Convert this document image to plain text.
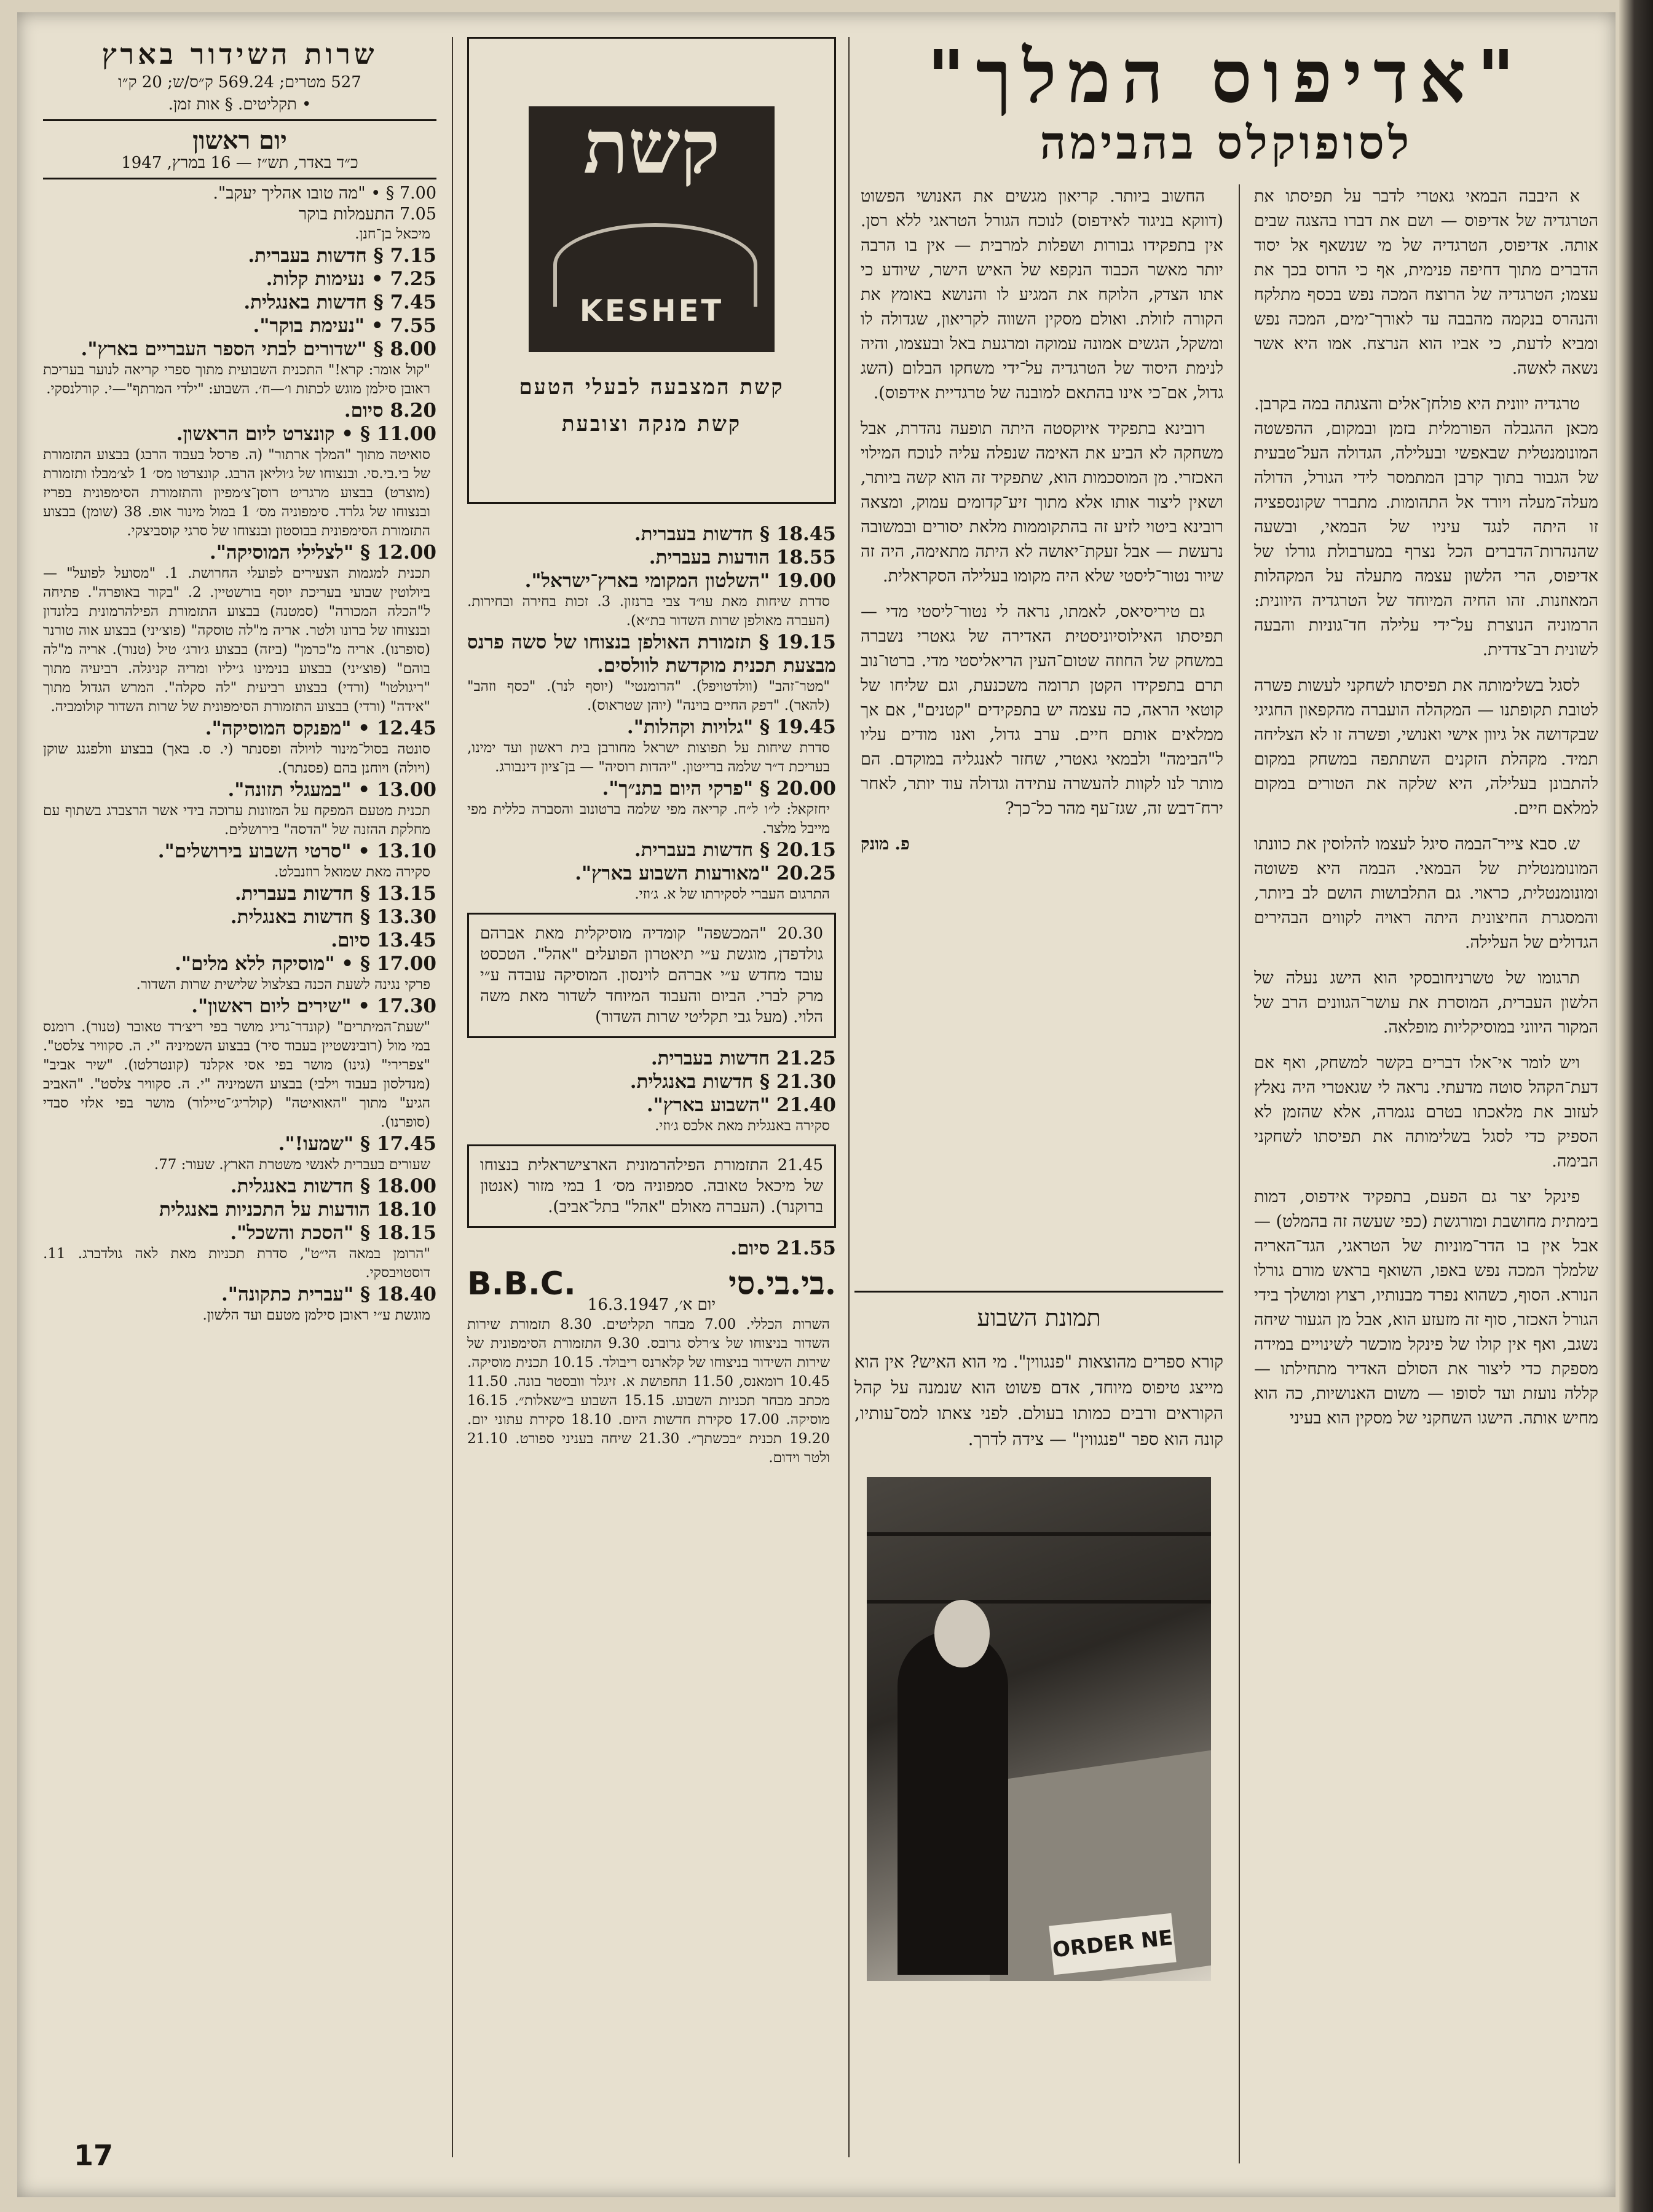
שרות השידור בארץ
527 מטרים; 569.24 ק״ס/ש; 20 ק״ו
• תקליטים. § אות זמן.
יום ראשון
כ״ד באדר, תש״ז — 16 במרץ, 1947

7.00 § • "מה טובו אהליך יעקב".

7.05 התעמלות בוקר

מיכאל בן־חנן.

7.15 § חדשות בעברית.

7.25 • נעימות קלות.

7.45 § חדשות באנגלית.

7.55 • "נעימת בוקר".

8.00 § "שדורים לבתי הספר העבריים בארץ".

"קול אומר: קרא!" התכנית השבועית מתוך ספרי קריאה לנוער בעריכת ראובן סילמן מוגש לכתות ו׳—ח׳. השבוע: "ילדי המרתף"—י. קורלנסקי.

8.20 סיום.

11.00 § • קונצרט ליום הראשון.

סואיטה מתוך "המלך ארתור" (ה. פרסל בעבוד הרבג) בבצוע התזמורת של בי.בי.סי. ובנצוחו של ג׳וליאן הרבג. קונצרטו מס׳ 1 לצ׳מבלו ותזמורת (מוצרט) בבצוע מרגריט רוסן־צ׳מפיון והתזמורת הסימפונית בפריז ובנצוחו של גלרד. סימפוניה מס׳ 1 במול מינור אופ. 38 (שומן) בבצוע התזמורת הסימפונית בבוסטון ובנצוחו של סרגי קוסביצקי.

12.00 § "לצלילי המוסיקה".

תכנית למגמות הצעירים לפועלי החרושת. 1. "מסועל לפועל" — ביולוטין שבועי בעריכת יוסף בורשטיין. 2. "בקור באופרה". פתיחה ל"הכלה המכורה" (סמטנה) בבצוע התזמורת הפילהרמונית בלונדון ובנצוחו של ברונו ולטר. אריה מ"לה טוסקה" (פוצ׳יני) בבצוע אוה טורנר (סופרנו). אריה מ"כרמן" (ביזה) בבצוע ג׳ורג׳ טיל (טנור). אריה מ"לה בוהם" (פוצ׳יני) בבצוע בנימינו ג׳יליו ומריה קניגלה. רביעיה מתוך "ריגולטו" (ורדי) בבצוע רביעית "לה סקלה". המרש הגדול מתוך "אידה" (ורדי) בבצוע התזמורת הסימפונית של שרות השדור קולומביה.

12.45 • "מפנקס המוסיקה".

סונטה בסול־מינור לויולה ופסנתר (י. ס. באך) בבצוע וולפגנג שוקן (ויולה) ויוחנן בהם (פסנתר).

13.00 • "במעגלי תזונה".

תכנית מטעם המפקח על המזונות ערוכה בידי אשר הרצברג בשתוף עם מחלקת ההזנה של "הדסה" בירושלים.

13.10 • "סרטי השבוע בירושלים".

סקירה מאת שמואל רוזנבלט.

13.15 § חדשות בעברית.

13.30 § חדשות באנגלית.

13.45 סיום.

17.00 § • "מוסיקה ללא מלים".

פרקי נגינה לשעת הכנה בצלצול שלישית שרות השדור.

17.30 • "שירים ליום ראשון".

"שעת־המיתרים" (קונדר־גריג מושר בפי ריצ׳רד טאובר (טנור). רומנס במי מול (רובינשטיין בעבוד סיר) בבצוע השמיניה "י. ה. סקוויר צלסט". "צפרירי" (גינו) מושר בפי אסי אקלנד (קונטרלטו). "שיר אביב" (מנדלסון בעבוד וילבי) בבצוע השמיניה "י. ה. סקוויר צלסט". "האביב הגיע" מתוך "האואיטה" (קולריג׳־טיילור) מושר בפי אלזי סבדי (סופרנו).

17.45 § "שמעו!".

שעורים בעברית לאנשי משטרת הארץ. שעור: 77.

18.00 § חדשות באנגלית.

18.10 הודעות על התכניות באנגלית

18.15 § "הסכת והשכל".

"הרומן במאה הי״ט", סדרת תכניות מאת לאה גולדברג. 11. דוסטויבסקי.

18.40 § "עברית כתקונה".

מוגשת ע״י ראובן סילמן מטעם ועד הלשון.

קשת
KESHET
קשת המצבעה לבעלי הטעם
קשת מנקה וצובעת

18.45 § חדשות בעברית.

18.55 הודעות בעברית.

19.00 "השלטון המקומי בארץ־ישראל".

סדרת שיחות מאת עו״ד צבי ברנזון. 3. זכות בחירה ובחירות. (העברה מאולפן שרות השדור בת״א).

19.15 § תזמורת האולפן בנצוחו של סשה פרנס מבצעת תכנית מוקדשת לוולסים.

"מטר־זהב" (וולדטויפל). "הרומנטי" (יוסף לנר). "כסף וזהב" (להאר). "דפק החיים בוינה" (יוהן שטראוס).

19.45 § "גלויות וקהלות".

סדרת שיחות על תפוצות ישראל מחורבן בית ראשון ועד ימינו, בעריכת ד״ר שלמה ברייטון. "יהדות רוסיה" — בן־ציון דינבורג.

20.00 § "פרקי היום בתנ״ך".

יחזקאל: ל״ו ל״ח. קריאה מפי שלמה ברטונוב והסברה כללית מפי מייבל מלצר.

20.15 § חדשות בעברית.

20.25 "מאורעות השבוע בארץ".

התרגום העברי לסקירתו של א. ג׳וזי.

20.30 "המכשפה" קומדיה מוסיקלית מאת אברהם גולדפדן, מוגשת ע״י תיאטרון הפועלים "אהל". הטכסט עובד מחדש ע״י אברהם לוינסון. המוסיקה עובדה ע״י מרק לברי. הביום והעבוד המיוחד לשדור מאת משה הלוי. (מעל גבי תקליטי שרות השדור)

21.25 חדשות בעברית.

21.30 § חדשות באנגלית.

21.40 "השבוע בארץ".

סקירה באנגלית מאת אלכס ג׳וזי.

21.45 התזמורת הפילהרמונית הארצישראלית בנצוחו של מיכאל טאובה. סמפוניה מס׳ 1 במי מזור (אנטון ברוקנר). (העברה מאולם "אהל" בתל־אביב).

21.55 סיום.

B.B.C.	בי.בי.סי.
יום א׳, 16.3.1947

השרות הכללי. 7.00 מבחר תקליטים. 8.30 תזמורת שירות השדור בניצוחו של צ׳רלס גרובס. 9.30 התזמורת הסימפונית של שירות השידור בניצוחו של קלארנס ריבולד. 10.15 תכנית מוסיקה. 10.45 רומאנס, 11.50 תחפושת א. זיגלר וובסטר בונה. 11.50 מכתב מבחר תכניות השבוע. 15.15 השבוע ב״שאלות״. 16.15 מוסיקה. 17.00 סקירת חדשות היום. 18.10 סקירת עתוני יום. 19.20 תכנית ״בכשתך״. 21.30 שיחה בעניני ספורט. 21.10 ולטר וידום.

"אדיפוס המלך"
לסופוקלס בהבימה

א היבבה הבמאי גאטרי לדבר על תפיסתו את הטרגדיה של אדיפוס — ושם את דברו בהצגה שבים אותה. אדיפוס, הטרגדיה של מי שנשאף אל יסוד הדברים מתוך דחיפה פנימית, אף כי הרוס בכך את עצמו; הטרגדיה של הרוצח המכה נפש בכסף מתלקח והנהרס בנקמה מהבבה עד לאורך־ימים, המכה נפש ומביא לדעת, כי אביו הוא הנרצח. אמו היא אשר נשאה לאשה.

טרגדיה יוונית היא פולחן־אלים והצגתה במה בקרבן. מכאן ההגבלה הפורמלית בזמן ובמקום, ההפשטה המונומנטלית שבאפשי ובעלילה, הגדולה העל־טבעית של הגבור בתוך קרבן המתמסר לידי הגורל, הדולה מעלה־מעלה ויורד אל התהומות. מתברר שקונספציה זו היתה לנגד עיניו של הבמאי, ובשעה שהנהרות־הדברים הכל נצרף במערבולת גורלו של אדיפוס, הרי הלשון עצמה מתעלה על המקהלות המאוזנות. זהו החיה המיוחד של הטרגדיה היוונית: הרמוניה הנוצרת על־ידי עלילה חד־גוניות והבעה לשונית רב־צדדית.

לסגל בשלימותה את תפיסתו לשחקני לעשות פשרה לטובת תקופתנו — המקהלה הועברה מהקפאון החגיגי שבקדושה אל גיוון אישי ואנושי, ופשרה זו לא הצליחה תמיד. מקהלת הזקנים השתתפה במשחק במקום להתבונן בעלילה, היא שלקה את הטורים במקום למלאם חיים.

ש. סבא צייר־הבמה סיגל לעצמו להלוסין את כוונתו המונומנטלית של הבמאי. הבמה היא פשוטה ומונומנטלית, כראוי. גם התלבושות הושם לב ביותר, והמסגרת החיצונית היתה ראויה לקווים הבהירים הגדולים של העלילה.

תרגומו של טשרניחובסקי הוא הישג נעלה של הלשון העברית, המוסרת את עושר־הגוונים הרב של המקור היווני במוסיקליות מופלאה.

ויש לומר אי־אלו דברים בקשר למשחק, ואף אם דעת־הקהל סוטה מדעתי. נראה לי שגאטרי היה נאלץ לעזוב את מלאכתו בטרם נגמרה, אלא שהזמן לא הספיק כדי לסגל בשלימותה את תפיסתו לשחקני הבימה.

פינקל יצר גם הפעם, בתפקיד אידפוס, דמות בימתית מחושבת ומורגשת (כפי שעשה זה בהמלט) — אבל אין בו הדר־מוניות של הטראגי, הגד־האריה שלמלך המכה נפש באפו, השואף בראש מורם גורלו הנורא. הסוף, כשהוא נפרד מבנותיו, רצוץ ומושלך בידי הגורל האכזר, סוף זה מזעזע הוא, אבל מן הגעור שיחה נשגב, ואף אין קולו של פינקל מוכשר לשינויים במידה מספקת כדי ליצור את הסולם האדיר מתחילתו — קללה נועזת ועד לסופו — משום האנושיות, כה הוא מחיש אותה. הישגו השחקני של מסקין הוא בעיני

החשוב ביותר. קריאון מגשים את האנושי הפשוט (דווקא בניגוד לאידפוס) לנוכח הגורל הטראגי ללא רסן. אין בתפקידו גבורות ושפלות למרבית — אין בו הרבה יותר מאשר הכבוד הנקפא של האיש הישר, שיודע כי אתו הצדק, הלוקח את המגיע לו והנושא באומץ את הקורה לזולת. ואולם מסקין השווה לקריאון, שגדולה לו ומשקל, הגשים אמונה עמוקה ומרגעת באל ובעצמו, והיה לנימת היסוד של הטרגדיה על־ידי משחקו הבלום (השג גדול, אם־כי אינו בהתאם למובנה של טרגדיית אידפוס).

רובינא בתפקיד איוקסטה היתה תופעה נהדרת, אבל משחקה לא הביע את האימה שנפלה עליה לנוכח המילוי האכזרי. מן המוסכמות הוא, שתפקיד זה הוא קשה ביותר, ושאין ליצור אותו אלא מתוך זיע־קדומים עמוק, ומצאה רובינא ביטוי לזיע זה בהתקוממות מלאת יסורים ובמשובה נרעשת — אבל זעקת־יאושה לא היתה מתאימה, היה זה שיור נטור־ליסטי שלא היה מקומו בעלילה הסקראלית.

גם טיריסיאס, לאמתו, נראה לי נטור־ליסטי מדי — תפיסתו האילוסיוניסטית האדירה של גאטרי נשברה במשחק של החוזה שטום־העין הריאליסטי מדי. ברטו־נוב תרם בתפקידו הקטן תרומה משכנעת, וגם שליחו של קוטאי הראה, כה עצמה יש בתפקידים "קטנים", אם אך ממלאים אותם חיים. ערב גדול, ואנו מודים עליו ל"הבימה" ולבמאי גאטרי, שחזר לאנגליה במוקדם. הם מותר לנו לקוות להעשרה עתידה וגדולה עוד יותר, לאחר ירח־דבש זה, שגז־עף מהר כל־כך?

פ. מונק

תמונת השבוע

קורא ספרים מהוצאות "פנגווין". מי הוא האיש? אין הוא מייצג טיפוס מיוחד, אדם פשוט הוא שנמנה על קהל הקוראים ורבים כמותו בעולם. לפני צאתו למס־עותיו, קונה הוא ספר "פנגווין" — צידה לדרך.

ORDER NE
17
